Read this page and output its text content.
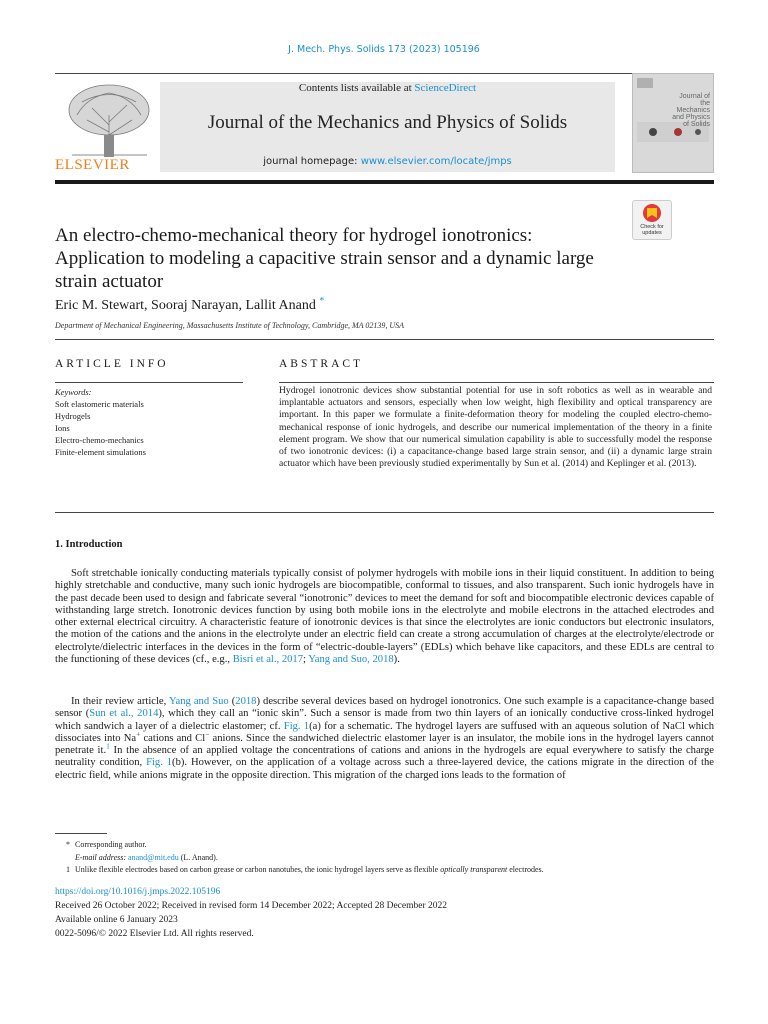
J. Mech. Phys. Solids 173 (2023) 105196
ELSEVIER
Contents lists available at ScienceDirect
Journal of the Mechanics and Physics of Solids
journal homepage: www.elsevier.com/locate/jmps
Journal of the Mechanics and Physics of Solids
Check for updates
An electro-chemo-mechanical theory for hydrogel ionotronics: Application to modeling a capacitive strain sensor and a dynamic large strain actuator
Eric M. Stewart, Sooraj Narayan, Lallit Anand *
Department of Mechanical Engineering, Massachusetts Institute of Technology, Cambridge, MA 02139, USA
ARTICLE INFO	ABSTRACT
Keywords:
Soft elastomeric materials
Hydrogels
Ions
Electro-chemo-mechanics
Finite-element simulations
Hydrogel ionotronic devices show substantial potential for use in soft robotics as well as in wearable and implantable actuators and sensors, especially when low weight, high flexibility and optical transparency are important. In this paper we formulate a finite-deformation theory for modeling the coupled electro-chemo-mechanical response of ionic hydrogels, and describe our numerical implementation of the theory in a finite element program. We show that our numerical simulation capability is able to successfully model the response of two ionotronic devices: (i) a capacitance-change based large strain sensor, and (ii) a dynamic large strain actuator which have been previously studied experimentally by Sun et al. (2014) and Keplinger et al. (2013).
1. Introduction
Soft stretchable ionically conducting materials typically consist of polymer hydrogels with mobile ions in their liquid constituent. In addition to being highly stretchable and conductive, many such ionic hydrogels are biocompatible, conformal to tissues, and also transparent. Such ionic hydrogels have in the past decade been used to design and fabricate several “ionotronic” devices to meet the demand for soft and biocompatible electronic devices capable of withstanding large stretch. Ionotronic devices function by using both mobile ions in the electrolyte and mobile electrons in the attached electrodes and other external electrical circuitry. A characteristic feature of ionotronic devices is that since the electrolytes are ionic conductors but electronic insulators, the motion of the cations and the anions in the electrolyte under an electric field can create a strong accumulation of charges at the electrolyte/electrode or electrolyte/dielectric interfaces in the devices in the form of “electric-double-layers” (EDLs) which behave like capacitors, and these EDLs are central to the functioning of these devices (cf., e.g., Bisri et al., 2017; Yang and Suo, 2018).
In their review article, Yang and Suo (2018) describe several devices based on hydrogel ionotronics. One such example is a capacitance-change based sensor (Sun et al., 2014), which they call an “ionic skin”. Such a sensor is made from two thin layers of an ionically conductive cross-linked hydrogel which sandwich a layer of a dielectric elastomer; cf. Fig. 1(a) for a schematic. The hydrogel layers are suffused with an aqueous solution of NaCl which dissociates into Na+ cations and Cl− anions. Since the sandwiched dielectric elastomer layer is an insulator, the mobile ions in the hydrogel layers cannot penetrate it.$^1$ In the absence of an applied voltage the concentrations of cations and anions in the hydrogels are equal everywhere to satisfy the charge neutrality condition, Fig. 1(b). However, on the application of a voltage across such a three-layered device, the cations migrate in the direction of the electric field, while anions migrate in the opposite direction. This migration of the charged ions leads to the formation of
* Corresponding author.
E-mail address: anand@mit.edu (L. Anand).
1 Unlike flexible electrodes based on carbon grease or carbon nanotubes, the ionic hydrogel layers serve as flexible optically transparent electrodes.
https://doi.org/10.1016/j.jmps.2022.105196
Received 26 October 2022; Received in revised form 14 December 2022; Accepted 28 December 2022
Available online 6 January 2023
0022-5096/© 2022 Elsevier Ltd. All rights reserved.
